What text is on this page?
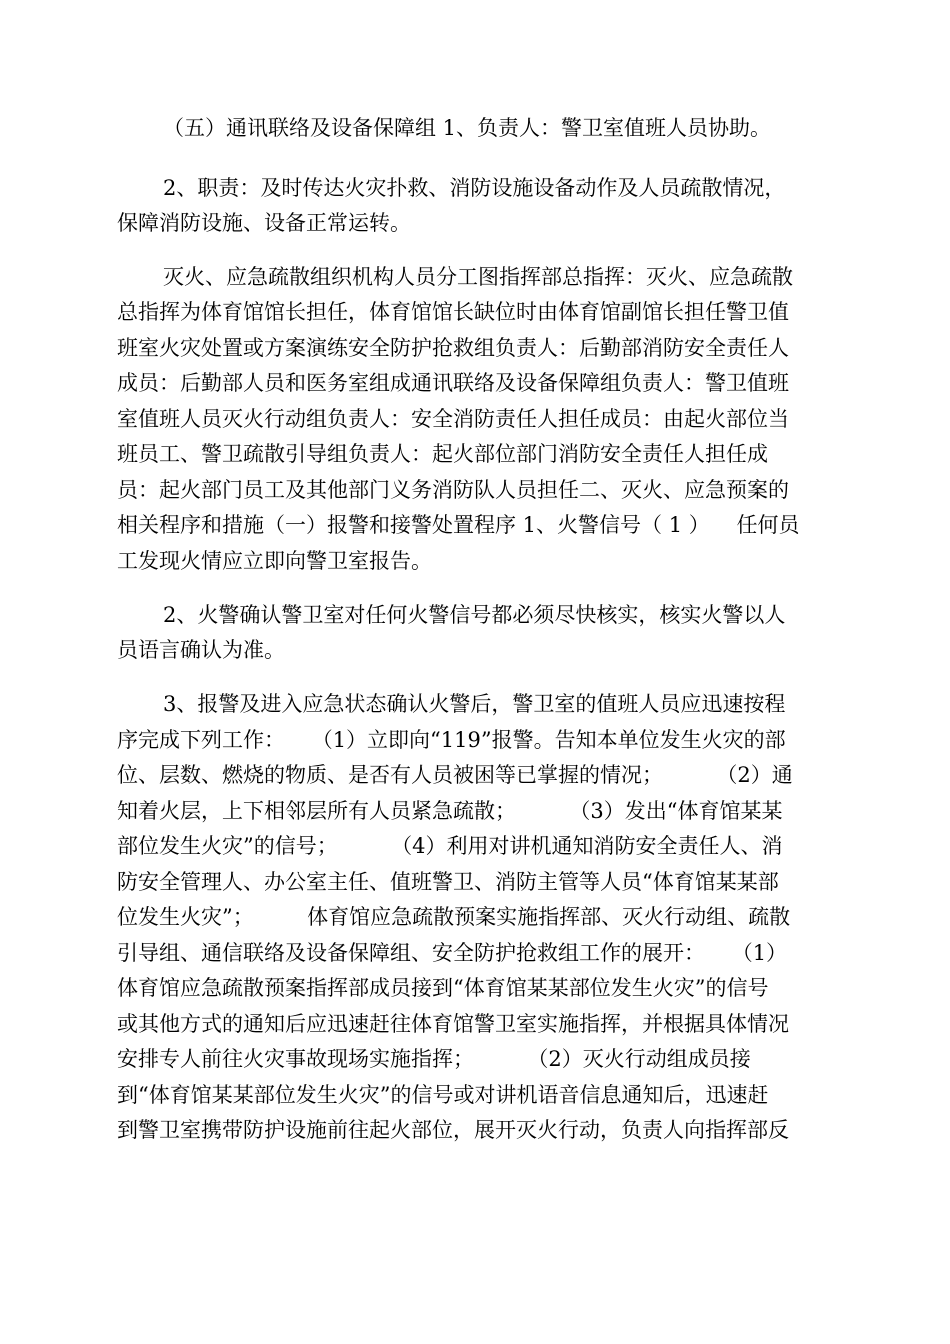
（五）通讯联络及设备保障组 1、负责人：警卫室值班人员协助。
2、职责：及时传达火灾扑救、消防设施设备动作及人员疏散情况，
保障消防设施、设备正常运转。
灭火、应急疏散组织机构人员分工图指挥部总指挥：灭火、应急疏散
总指挥为体育馆馆长担任，体育馆馆长缺位时由体育馆副馆长担任警卫值
班室火灾处置或方案演练安全防护抢救组负责人：后勤部消防安全责任人
成员：后勤部人员和医务室组成通讯联络及设备保障组负责人：警卫值班
室值班人员灭火行动组负责人：安全消防责任人担任成员：由起火部位当
班员工、警卫疏散引导组负责人：起火部位部门消防安全责任人担任成
员：起火部门员工及其他部门义务消防队人员担任二、灭火、应急预案的
相关程序和措施（一）报警和接警处置程序 1、火警信号（ 1 ）    任何员
工发现火情应立即向警卫室报告。
2、火警确认警卫室对任何火警信号都必须尽快核实，核实火警以人
员语言确认为准。
3、报警及进入应急状态确认火警后，警卫室的值班人员应迅速按程
序完成下列工作：    （1）立即向“119”报警。告知本单位发生火灾的部
位、层数、燃烧的物质、是否有人员被困等已掌握的情况；        （2）通
知着火层，上下相邻层所有人员紧急疏散；        （3）发出“体育馆某某
部位发生火灾”的信号；        （4）利用对讲机通知消防安全责任人、消
防安全管理人、办公室主任、值班警卫、消防主管等人员“体育馆某某部
位发生火灾”；        体育馆应急疏散预案实施指挥部、灭火行动组、疏散
引导组、通信联络及设备保障组、安全防护抢救组工作的展开：    （1）
体育馆应急疏散预案指挥部成员接到“体育馆某某部位发生火灾”的信号
或其他方式的通知后应迅速赶往体育馆警卫室实施指挥，并根据具体情况
安排专人前往火灾事故现场实施指挥；        （2）灭火行动组成员接
到“体育馆某某部位发生火灾”的信号或对讲机语音信息通知后，迅速赶
到警卫室携带防护设施前往起火部位，展开灭火行动，负责人向指挥部反
